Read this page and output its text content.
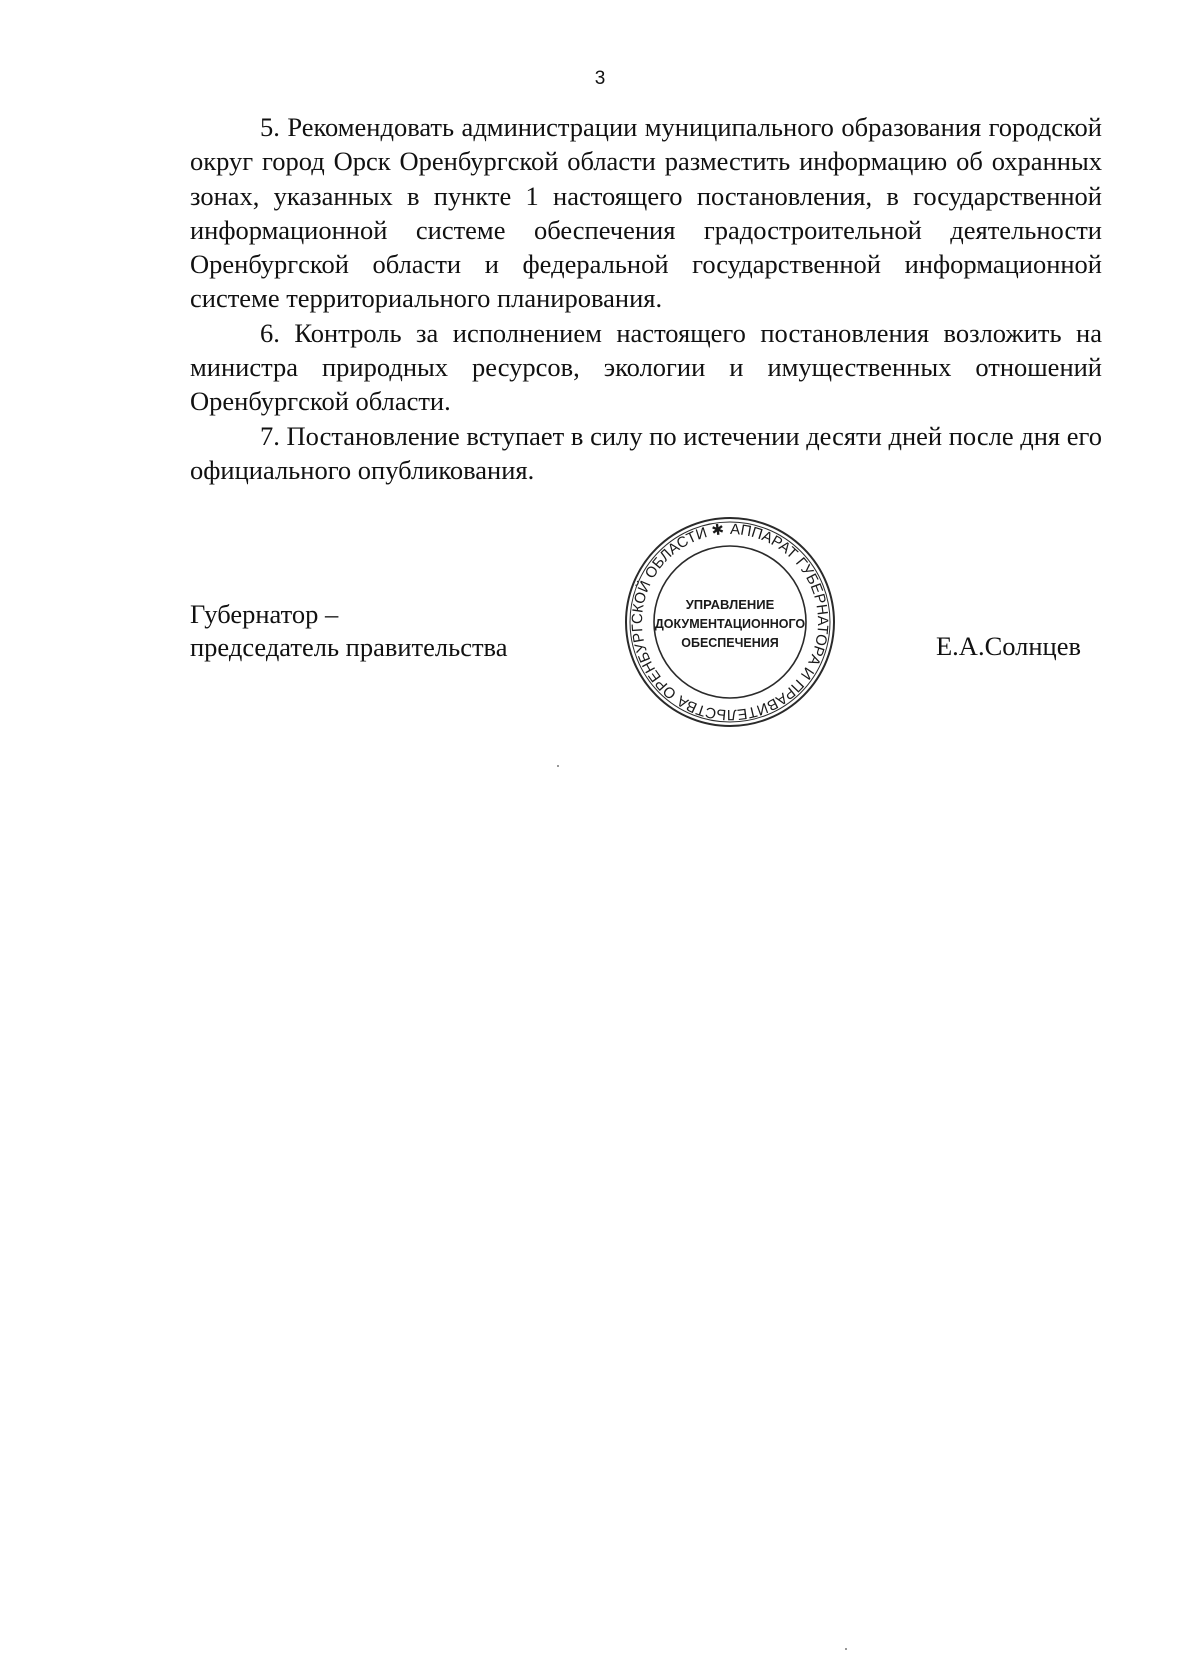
3

5. Рекомендовать администрации муниципального образования городской округ город Орск Оренбургской области разместить информацию об охранных зонах, указанных в пункте 1 настоящего постановления, в государственной информационной системе обеспечения градостроительной деятельности Оренбургской области и федеральной государственной информационной системе территориального планирования.

6. Контроль за исполнением настоящего постановления возложить на министра природных ресурсов, экологии и имущественных отношений Оренбургской области.

7. Постановление вступает в силу по истечении десяти дней после дня его официального опубликования.

Губернатор –
председатель правительства	Е.А.Солнцев
АППАРАТ ГУБЕРНАТОРА И ПРАВИТЕЛЬСТВА ОРЕНБУРГСКОЙ ОБЛАСТИ ✱
УПРАВЛЕНИЕ
ДОКУМЕНТАЦИОННОГО
ОБЕСПЕЧЕНИЯ
